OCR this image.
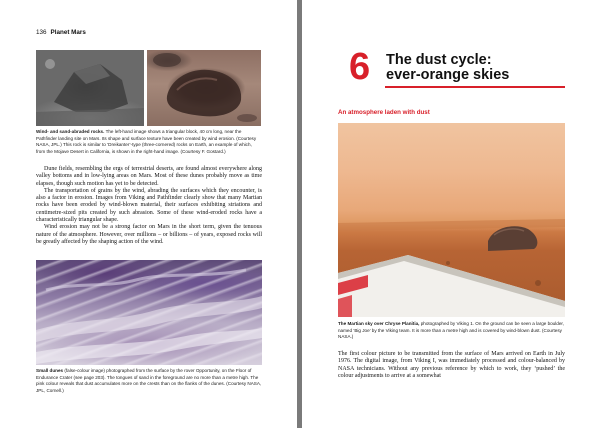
136 Planet Mars

Wind- and sand-abraded rocks. The left-hand image shows a triangular block, 40 cm long, near the Pathfinder landing site on Mars. Its shape and surface texture have been created by wind erosion. (Courtesy NASA, JPL.) This rock is similar to ‘Dreikanter’-type (three-cornered) rocks on Earth, an example of which, from the Mojave Desert in California, is shown in the right-hand image. (Courtesy F. Gostard.)

Dune fields, resembling the ergs of terrestrial deserts, are found almost everywhere along valley bottoms and in low-lying areas on Mars. Most of these dunes probably move as time elapses, though such motion has yet to be detected.

The transportation of grains by the wind, abrading the surfaces which they encounter, is also a factor in erosion. Images from Viking and Pathfinder clearly show that many Martian rocks have been eroded by wind-blown material, their surfaces exhibiting striations and centimetre-sized pits created by such abrasion. Some of these wind-eroded rocks have a characteristically triangular shape.

Wind erosion may not be a strong factor on Mars in the short term, given the tenuous nature of the atmosphere. However, over millions – or billions – of years, exposed rocks will be greatly affected by the shaping action of the wind.

Small dunes (false-colour image) photographed from the surface by the rover Opportunity, on the Floor of Endurance Crater (see page 203). The tongues of sand in the foreground are no more than a metre high. The pink colour reveals that dust accumulates more on the crests than on the flanks of the dunes. (Courtesy NASA, JPL, Cornell.)

6 The dust cycle:
ever-orange skies

An atmosphere laden with dust

The Martian sky over Chryse Planitia, photographed by Viking 1. On the ground can be seen a large boulder, named ‘Big Joe’ by the Viking team. It is more than a metre high and is covered by wind-blown dust. (Courtesy NASA.)

The first colour picture to be transmitted from the surface of Mars arrived on Earth in July 1976. The digital image, from Viking I, was immediately processed and colour-balanced by NASA technicians. Without any previous reference by which to work, they ‘pushed’ the colour adjustments to arrive at a somewhat
